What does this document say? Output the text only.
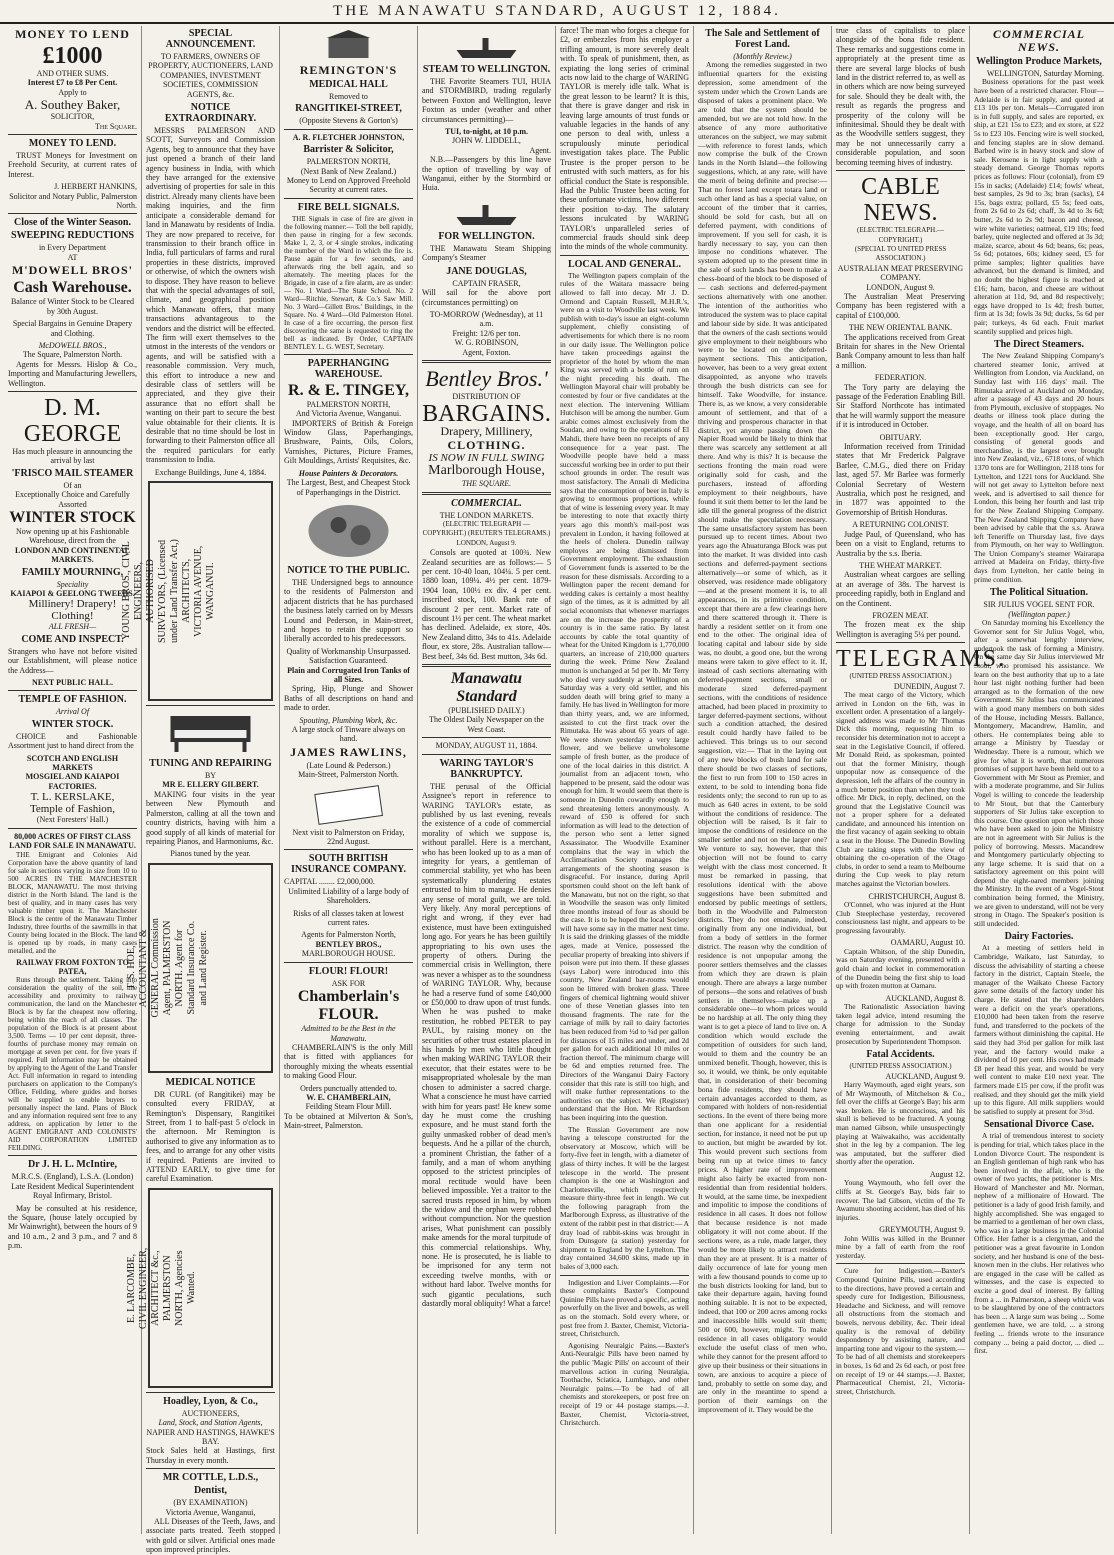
THE MANAWATU STANDARD, AUGUST 12, 1884.
MONEY TO LEND
£1000
AND OTHER SUMS.
Interest £7 to £8 Per Cent.
Apply to
A. Southey Baker,
SOLICITOR,
The Square.
MONEY TO LEND.

TRUST Moneys for Investment on Freehold Security, at current rates of Interest.

J. HERBERT HANKINS,
Solicitor and Notary Public, Palmerston North.
Close of the Winter Season.
SWEEPING REDUCTIONS
in Every Department
AT
M'DOWELL BROS'
Cash Warehouse.

Balance of Winter Stock to be Cleared by 30th August.

Special Bargains in Genuine Drapery and Clothing.

McDOWELL BROS.,
The Square, Palmerston North.

Agents for Messrs. Hislop & Co., Importing and Manufacturing Jewellers, Wellington.

D. M. GEORGE
Has much pleasure in announcing the arrival by last
'FRISCO MAIL STEAMER
Of an
Exceptionally Choice and Carefully Assorted
WINTER STOCK
Now opening up at his Fashionable Warehouse, direct from the
LONDON AND CONTINENTAL MARKETS.
FAMILY MOURNING,
Speciality
KAIAPOI & GEELONG TWEEDS.
Millinery! Drapery! Clothing!
ALL FRESH—
COME AND INSPECT.

Strangers who have not before visited our Establishment, will please notice the Address—

NEXT PUBLIC HALL.
TEMPLE OF FASHION.
Arrival Of
WINTER STOCK.

CHOICE and Fashionable Assortment just to hand direct from the

SCOTCH AND ENGLISH MARKETS
MOSGIEL AND KAIAPOI FACTORIES.
T. L. KERSLAKE,
Temple of Fashion,
(Next Foresters' Hall.)
80,000 ACRES OF FIRST CLASS LAND FOR SALE IN MANAWATU.

THE Emigrant and Colonies Aid Corporation have the above quantity of land for sale in sections varying in size from 10 to 500 ACRES IN THE MANCHESTER BLOCK, MANAWATU. The most thriving district in the North Island. The land is the best of quality, and in many cases has very valuable timber upon it. The Manchester Block is the centre of the Manawatu Timber Industry, three fourths of the sawmills in that County being located in the Block. The land is opened up by roads, in many cases metalled, and the

RAILWAY FROM FOXTON TO PATEA,

Runs through the settlement. Taking into consideration the quality of the soil, the accessibility and proximity to railway communication, the land on the Manchester Block is by far the cheapest now offering, being within the reach of all classes. The population of the Block is at present about 3,500. Terms — 10 per cent deposit, three-fourths of purchase money may remain on mortgage at seven per cent. for five years if required. Full information may be obtained by applying to the Agent of the Land Transfer Act. Full information in regard to intending purchasers on application to the Company's Office, Feilding, where guides and horses will be supplied to enable buyers to personally inspect the land. Plans of Block and any information required sent free to any address, on application by letter to the AGENT EMIGRANT AND COLONISTS' AID CORPORATION LIMITED FEILDING.

Dr J. H. L. McIntire,
M.R.C.S. (England), L.S.A. (London)

Late Resident Medical Superintendent Royal Infirmary, Bristol.

May be consulted at his residence, the Square, (house lately occupied by Mr Wainwright), between the hours of 9 and 10 a.m., 2 and 3 p.m., and 7 and 8 p.m.

SPECIAL ANNOUNCEMENT.

TO FARMERS, OWNERS OF PROPERTY, AUCTIONEERS, LAND COMPANIES, INVESTMENT SOCIETIES, COMMISSION AGENTS, &c.

NOTICE EXTRAORDINARY.

MESSRS PALMERSON AND SCOTT, Surveyors and Commission Agents, beg to announce that they have just opened a branch of their land agency business in India, with which they have arranged for the extensive advertising of properties for sale in this district. Already many clients have been making inquiries, and the firm anticipate a considerable demand for land in Manawatu by residents of India. They are now prepared to receive, for transmission to their branch office in India, full particulars of farms and rural properties in these districts, improved or otherwise, of which the owners wish to dispose. They have reason to believe that with the special advantages of soil, climate, and geographical position which Manawatu offers, that many transactions advantageous to the vendors and the district will be effected. The firm will exert themselves to the utmost in the interests of the vendors or agents, and will be satisfied with a reasonable commission. Very much, this effort to introduce a new and desirable class of settlers will be appreciated, and they give their assurance that no effort shall be wanting on their part to secure the best value obtainable for their clients. It is desirable that no time should be lost in forwarding to their Palmerston office all the required particulars for early transmission to India.

Exchange Buildings, June 4, 1884.
YOUNG BROS., CIVIL ENGINEERS, AUTHORISED SURVEYORS, (Licensed under Land Transfer Act,) ARCHITECTS, VICTORIA AVENUE, WANGANUI.
TUNING AND REPAIRING
BY
MR E. ELLERY GILBERT.

MAKING four visits in the year between New Plymouth and Palmerston, calling at all the town and country districts, having with him a good supply of all kinds of material for repairing Pianos, and Harmoniums, &c.

Pianos tuned by the year.
T. S. HOE, ACCOUNTANT & GENERAL Commission Agent, PALMERSTON NORTH. Agent for Standard Insurance Co. and Land Register.
MEDICAL NOTICE

DR CURL (of Rangitikei) may be consulted every FRIDAY, at Remington's Dispensary, Rangitikei Street, from 1 to half-past 5 o'clock in the afternoon. Mr Remington is authorised to give any information as to fees, and to arrange for any other visits if required. Patients are invited to ATTEND EARLY, to give time for careful Examination.

E. LARCOMBE, CIVIL ENGINEER, ARCHITECT &c., PALMERSTON NORTH, Agencies Wanted.
Hoadley, Lyon, & Co.,
AUCTIONEERS,
Land, Stock, and Station Agents,
NAPIER AND HASTINGS, HAWKE'S BAY.

Stock Sales held at Hastings, first Thursday in every month.

MR COTTLE, L.D.S.,
Dentist,
(BY EXAMINATION)
Victoria Avenue, Wanganui,

ALL Diseases of the Teeth, Jaws, and associate parts treated. Teeth stopped with gold or silver. Artificial ones made upon improved principles.

REMINGTON'S
MEDICAL HALL
Removed to
RANGITIKEI-STREET,
(Opposite Stevens & Gorton's)
A. R. FLETCHER JOHNSTON,
Barrister & Solicitor,
PALMERSTON NORTH,
(Next Bank of New Zealand.)

Money to Lend on Approved Freehold Security at current rates.

FIRE BELL SIGNALS.

THE Signals in case of fire are given in the following manner:— Toll the bell rapidly, then pause in ringing for a few seconds. Make 1, 2, 3, or 4 single strokes, indicating the number of the Ward in which the fire is. Pause again for a few seconds, and afterwards ring the bell again, and so alternately. The meeting places for the Brigade, in case of a fire alarm, are as under:— No. 1 Ward—The State School. No. 2 Ward—Ritchie, Stewart, & Co.'s Saw Mill. No. 3 Ward—Gillett Bros.' Buildings, in the Square. No. 4 Ward—Old Palmerston Hotel. In case of a fire occurring, the person first discovering the same is requested to ring the bell as indicated. By Order, CAPTAIN BENTLEY. L. G. WEST, Secretary.

PAPERHANGING WAREHOUSE.
R. & E. TINGEY,
PALMERSTON NORTH,
And Victoria Avenue, Wanganui.

IMPORTERS of British & Foreign Window Glass, Paperhangings, Brushware, Paints, Oils, Colors, Varnishes, Pictures, Picture Frames, Gilt Mouldings, Artists' Requisites, &c.

House Painters & Decorators.

The Largest, Best, and Cheapest Stock of Paperhangings in the District.

NOTICE TO THE PUBLIC.

THE Undersigned begs to announce to the residents of Palmerston and adjacent districts that he has purchased the business lately carried on by Messrs Lound and Pederson, in Main-street, and hopes to retain the support so liberally accorded to his predecessors.

Quality of Workmanship Unsurpassed.
Satisfaction Guaranteed.
Plain and Corrugated Iron Tanks of all Sizes.

Spring, Hip, Plunge and Shower Baths of all descriptions on hand and made to order.

Spouting, Plumbing Work, &c.
A large stock of Tinware always on hand.
JAMES RAWLINS,
(Late Lound & Pederson.)
Main-Street, Palmerston North.

Next visit to Palmerston on Friday, 22nd August.

SOUTH BRITISH INSURANCE COMPANY.
CAPITAL ........ £2,000,000.

Unlimited Liability of a large body of Shareholders.

Risks of all classes taken at lowest current rates.

Agents for Palmerston North,
BENTLEY BROS.,
MARLBOROUGH HOUSE.
FLOUR! FLOUR!
ASK FOR
Chamberlain's
FLOUR.
Admitted to be the Best in the Manawatu.

CHAMBERLAIN'S is the only Mill that is fitted with appliances for thoroughly mixing the wheats essential to making Good Flour.

Orders punctually attended to.
W. E. CHAMBERLAIN,
Feilding Steam Flour Mill.

To be obtained at Milverton & Son's, Main-street, Palmerston.

STEAM TO WELLINGTON.

THE Favorite Steamers TUI, HUIA and STORMBIRD, trading regularly between Foxton and Wellington, leave Foxton as under (weather and other circumstances permitting)—

TUI, to-night, at 10 p.m.
JOHN W. LIDDELL,
Agent.

N.B.—Passengers by this line have the option of travelling by way of Wanganui, either by the Stormbird or Huia.

FOR WELLINGTON.

THE Manawatu Steam Shipping Company's Steamer

JANE DOUGLAS,
CAPTAIN FRASER,

Will sail for the above port (circumstances permitting) on

TO-MORROW (Wednesday), at 11 a.m.
Freight: 12/6 per ton.
W. G. ROBINSON,
Agent, Foxton.
Bentley Bros.'
DISTRIBUTION OF
BARGAINS.
Drapery, Millinery,
CLOTHING.
IS NOW IN FULL SWING
Marlborough House,
THE SQUARE.
COMMERCIAL.
THE LONDON MARKETS.
(ELECTRIC TELEGRAPH — COPYRIGHT.) (REUTER'S TELEGRAMS.) LONDON, August 9.

Consols are quoted at 100¾. New Zealand securities are as follows:— 5 per cent. 10-40 loan, 104¼. 5 per cent. 1880 loan, 109¼. 4½ per cent. 1879-1904 loan, 100½ ex div. 4 per cent. inscribed stock, 100. Bank rate of discount 2 per cent. Market rate of discount 1½ per cent. The wheat market has declined. Adelaide, ex store, 40s. New Zealand ditto, 34s to 41s. Adelaide flour, ex store, 28s. Australian tallow— Best beef, 34s 6d. Best mutton, 34s 6d.

Manawatu Standard
(PUBLISHED DAILY.)
The Oldest Daily Newspaper on the West Coast.
MONDAY, AUGUST 11, 1884.
WARING TAYLOR'S BANKRUPTCY.

THE perusal of the Official Assignee's report in reference to WARING TAYLOR's estate, as published by us last evening, reveals the existence of a code of commercial morality of which we suppose is, without parallel. Here is a merchant, who has been looked up to as a man of integrity for years, a gentleman of commercial stability, yet who has been systematically plundering estates entrusted to him to manage. He denies any sense of moral guilt, we are told. Very likely. Any moral perceptions of right and wrong, if they ever had existence, must have been extinguished long ago. For years he has been guiltily appropriating to his own uses the property of others. During the commercial crisis in Wellington, there was never a whisper as to the soundness of WARING TAYLOR. Why, because he had a reserve fund of some £40,000 or £50,000 to draw upon of trust funds. When he was pushed to make restitution, he robbed PETER to pay PAUL, by raising money on the securities of other trust estates placed in his hands by men who little thought when making WARING TAYLOR their executor, that their estates were to be misappropriated wholesale by the man chosen to administer a sacred charge. What a conscience he must have carried with him for years past! He knew some day he must come the crushing exposure, and he must stand forth the guilty unmasked robber of dead men's bequests. And he a pillar of the church, a prominent Christian, the father of a family, and a man of whom anything opposed to the strictest principles of moral rectitude would have been believed impossible. Yet a traitor to the sacred trusts reposed in him, by whom the widow and the orphan were robbed without compunction. Nor the question arises, What punishment can possibly make amends for the moral turpitude of this commercial relationships. Why, none. He is prosecuted, he is liable to be imprisoned for any term not exceeding twelve months, with or without hard labor. Twelve months for such gigantic peculations, such dastardly moral obliquity! What a farce!

farce! The man who forges a cheque for £2, or embezzles from his employer a trifling amount, is more severely dealt with. To speak of punishment, then, as expiating the long series of criminal acts now laid to the charge of WARING TAYLOR is merely idle talk. What is the great lesson to be learnt? It is this, that there is grave danger and risk in leaving large amounts of trust funds or valuable legacies in the hands of any one person to deal with, unless a scrupulously minute periodical investigation takes place. The Public Trustee is the proper person to be entrusted with such matters, as for his official conduct the State is responsible. Had the Public Trustee been acting for these unfortunate victims, how different their position to-day. The salutary lessons inculcated by WARING TAYLOR's unparalleled series of commercial frauds should sink deep into the minds of the whole community.

LOCAL AND GENERAL.

The Wellington papers complain of the rules of the Waitara massacre being allowed to fall into decay. Mr J. D. Ormond and Captain Russell, M.H.R.'s, were on a visit to Woodville last week. We publish with to-day's issue an eight-column supplement, chiefly consisting of advertisements for which there is no room in our daily issue. The Wellington police have taken proceedings against the proprietor of the hotel by whom the man King was served with a bottle of rum on the night preceding his death. The Wellington Mayoral chair will probably be contested by four or five candidates at the next election. The intervening William Hutchison will be among the number. Gum arabic comes almost exclusively from the Soudan, and owing to the operations of El Mahdi, there have been no receipts of any consequence for a year past. The Woodville people have held a mass successful working bee in order to put their school grounds in order. The result was most satisfactory. The Annali di Medicina says that the consumption of beer in Italy is growing to enormous proportions, while that of wine is lessening every year. It may be interesting to note that exactly thirty years ago this month's mail-post was prevalent in London, it having followed at the heels of cholera. Dunedin railway employes are being dismissed from Government employment. The exhaustion of Government funds is asserted to be the reason for these dismissals. According to a Wellington paper the recent demand for wedding cakes is certainly a most healthy sign of the times, as it is admitted by all social economists that whenever marriages are on the increase the prosperity of a country is in the same ratio. By latest accounts by cable the total quantity of wheat for the United Kingdom is 1,770,000 quarters, an increase of 210,000 quarters during the week. Prime New Zealand mutton is unchanged at 5d per lb. Mr Terry who died very suddenly at Wellington on Saturday was a very old settler, and his sudden death will bring grief to many a family. He has lived in Wellington for more than thirty years, and, we are informed, assisted to cut the first track over the Rimutaka. He was about 65 years of age. We were shown yesterday a very large flower, and we believe unwholesome sample of fresh butter, as the produce of one of the local dairies in this district. A journalist from an adjacent town, who happened to be present, said the odour was enough for him. It would seem that there is someone in Dunedin cowardly enough to send threatening letters anonymously. A reward of £50 is offered for such information as will lead to the detection of the person who sent a letter signed Assassinator. The Woodville Examiner complains that the way in which the Acclimatisation Society manages the arrangements of the shooting season is disgraceful. For instance, during April sportsmen could shoot on the left bank of the Manawatu, but not on the right, so that in Woodville the season was only limited three months instead of four as should be the case. It is to be hoped the local Society will have some say in the matter next time. It is said the drinking glasses of the middle ages, made at Venice, possessed the peculiar property of breaking into shivers if poison were put into them. If these glasses (says Labor) were introduced into this country, New Zealand bar-rooms would soon be littered with broken glass. Three fingers of chemical lightning would shiver one of these Venetian glasses into ten thousand fragments. The rate for the carriage of milk by rail to dairy factories has been reduced from ½d to ¼d per gallon for distances of 15 miles and under, and 2d per gallon for each additional 10 miles or fraction thereof. The minimum charge will be 6d and empties returned free. The Directors of the Wanganui Dairy Factory consider that this rate is still too high, and will make further representations to the authorities on the subject. We (Register) understand that the Hon. Mr Richardson has been inquiring into the question.

The Russian Government are now having a telescope constructed for the observatory at Moscow, which will be forty-five feet in length, with a diameter of glass of thirty inches. It will be the largest telescope in the world. The present champion is the one at Washington and Charlottesville, which respectively measure thirty-three feet in length. We cut the following paragraph from the Marlborough Express, as illustrative of the extent of the rabbit pest in that district:— A dray load of rabbit-skins was brought in from Dunsgore (a station) yesterday for shipment to England by the Lyttelton. The dray contained 34,600 skins, made up in bales of 3,000 each.

Indigestion and Liver Complaints.—For these complaints Baxter's Compound Quinine Pills have proved a specific, acting powerfully on the liver and bowels, as well as on the stomach. Sold every where, or post free from J. Baxter, Chemist, Victoria-street, Christchurch.

Agonising Neuralgic Pains.—Baxter's Anti-Neuralgic Pills have been named by the public 'Magic Pills' on account of their marvellous action in curing Neuralgia, Toothache, Sciatica, Lumbago, and other Neuralgic pains.—To be had of all chemists and storekeepers, or post free on receipt of 19 or 44 postage stamps.—J. Baxter, Chemist, Victoria-street, Christchurch.

The Sale and Settlement of Forest Land.
(Monthly Review.)

Among the remedies suggested in two influential quarters for the existing depression, some amendment of the system under which the Crown Lands are disposed of takes a prominent place. We are told that the system should be amended, but we are not told how. In the absence of any more authoritative utterances on the subject, we may submit—with reference to forest lands, which now comprise the bulk of the Crown lands in the North Island—the following suggestions, which, at any rate, will have the merit of being definite and precise:— That no forest land except totara land or such other land as has a special value, on account of the timber that it carries, should be sold for cash, but all on deferred payment, with conditions of improvement. If you sell for cash, it is hardly necessary to say, you can then impose no conditions whatever. The system adopted up to the present time in the sale of such lands has been to make a chess-board of the block to be disposed of — cash sections and deferred-payment sections alternatively with one another. The intention of the authorities who introduced the system was to place capital and labour side by side. It was anticipated that the owners of the cash sections would give employment to their neighbours who were to be located on the deferred-payment sections. This anticipation, however, has been to a very great extent disappointed, as anyone who travels through the bush districts can see for himself. Take Woodville, for instance. There is, as we know, a very considerable amount of settlement, and that of a thriving and prosperous character in that district, yet anyone passing down the Napier Road would be likely to think that there was scarcely any settlement at all there. And why is this? It is because the sections fronting the main road were originally sold for cash, and the purchasers, instead of affording employment to their neighbours, have found it suit them better to let the land be idle till the general progress of the district should make the speculation necessary. The same unsatisfactory system has been pursued up to recent times. About two years ago the Ahuaturanga Block was put into the market. It was divided into cash sections and deferred-payment sections alternatively—or some of which, as it observed, was residence made obligatory—and at the present moment it is, to all appearances, in its primitive condition, except that there are a few clearings here and there scattered through it. There is hardly a resident settler on it from one end to the other. The original idea of locating capital and labour side by side was, no doubt, a good one, but the wrong means were taken to give effect to it. If, instead of cash sections alternating with deferred-payment sections, small or moderate sized deferred-payment sections, with the conditions of residence attached, had been placed in proximity to larger deferred-payment sections, without such a condition attached, the desired result could hardly have failed to be achieved. This brings us to our second suggestion, viz:— That in the laying out of any new blocks of bush land for sale there should be two classes of sections, the first to run from 100 to 150 acres in extent, to be sold to intending bona fide residents only; the second to run up to as much as 640 acres in extent, to be sold without the conditions of residence. The objection will be raised, Is it fair to impose the conditions of residence on the smaller settler and not on the larger one? We venture to say, however, that this objection will not be found to carry weight with the class most concerned. It must be remarked in passing, that resolutions identical with the above suggestions have been submitted and endorsed by public meetings of settlers, both in the Woodville and Palmerston districts. They do not emanate, indeed, originally from any one individual, but from a body of settlers in the former district. The reason why the condition of residence is not unpopular among the poorer settlers themselves and the classes from which they are drawn is plain enough. There are always a large number of persons—the sons and relatives of bush settlers in themselves—make up a considerable one—to whom prices would be no hardship at all. The only thing they want is to get a piece of land to live on. A condition which would exclude the competition of outsiders for such land, would to them and the country be an unmixed benefit. Though, however, this is so, it would, we think, be only equitable that, in consideration of their becoming bona fide residents, they should have certain advantages accorded to them, as compared with holders of non-residential sections. In the event of there being more than one applicant for a residential section, for instance, it need not be put up to auction, but might be awarded by lot. This would prevent such sections from being run up at twice times to fancy prices. A higher rate of improvement might also fairly be exacted from non-residential than from residential holders. It would, at the same time, be inexpedient and impolitic to impose the conditions of residence in all cases. It does not follow that because residence is not made obligatory it will not come about. If the sections were, as a rule, made larger, they would be more likely to attract residents than they are at present. It is a matter of daily occurrence of late for young men with a few thousand pounds to come up to the bush districts looking for land, but to take their departure again, having found nothing suitable. It is not to be expected, indeed, that 100 or 200 acres among rocks and inaccessible hills would suit them; 500 or 600, however, might. To make residence in all cases obligatory would exclude the useful class of men who, while they cannot for the present afford to give up their business or their situations in town, are anxious to acquire a piece of land, probably to settle on some day, and are only in the meantime to spend a portion of their earnings on the improvement of it. They would be the

true class of capitalists to place alongside of the bona fide resident. These remarks and suggestions come in appropriately at the present time as there are several large blocks of bush land in the district referred to, as well as in others which are now being surveyed for sale. Should they be dealt with, the result as regards the progress and prosperity of the colony will be infinitesimal. Should they be dealt with as the Woodville settlers suggest, they may be not unnecessarily carry a considerable population, and soon becoming teeming hives of industry.

CABLE NEWS.
(ELECTRIC TELEGRAPH.—COPYRIGHT.)
(SPECIAL TO UNITED PRESS ASSOCIATION.)
AUSTRALIAN MEAT PRESERVING COMPANY.
LONDON, August 9.

The Australian Meat Preserving Company has been registered with a capital of £100,000.

THE NEW ORIENTAL BANK.

The applications received from Great Britain for shares in the New Oriental Bank Company amount to less than half a million.

FEDERATION.

The Tory party are delaying the passage of the Federation Enabling Bill. Sir Stafford Northcote has intimated that he will warmly support the measure if it is introduced in October.

OBITUARY.

Information received from Trinidad states that Mr Frederick Palgrave Barlee, C.M.G., died there on Friday last, aged 57. Mr Barlee was formerly Colonial Secretary of Western Australia, which post he resigned, and in 1877 was appointed to the Governorship of British Honduras.

A RETURNING COLONIST.

Judge Paul, of Queensland, who has been on a visit to England, returns to Australia by the s.s. Iberia.

THE WHEAT MARKET.

Australian wheat cargoes are selling at an average of 38s. The harvest is proceeding rapidly, both in England and on the Continent.

FROZEN MEAT.

The frozen meat ex the ship Wellington is averaging 5¼ per pound.

TELEGRAMS.
(UNITED PRESS ASSOCIATION.)
DUNEDIN, August 7.

The meat cargo of the Victory, which arrived in London on the 6th, was in excellent order. A presentation of a largely-signed address was made to Mr Thomas Dick this morning, requesting him to reconsider his determination not to accept a seat in the Legislative Council, if offered. Mr Donald Reid, as spokesman, pointed out that the former Ministry, though unpopular now as consequence of the depression, left the affairs of the country in a much better position than when they took office. Mr Dick, in reply, declined, on the ground that the Legislative Council was not a proper sphere for a defeated candidate, and announced his intention on the first vacancy of again seeking to obtain a seat in the House. The Dunedin Bowling Club are taking steps with the view of obtaining the co-operation of the Otago clubs, in order to send a team to Melbourne during the Cup week to play return matches against the Victorian bowlers.

CHRISTCHURCH, August 8.

O'Connel, who was injured at the Hunt Club Steeplechase yesterday, recovered consciousness last night, and appears to be progressing favourably.

OAMARU, August 10.

Captain Whitson, of the ship Dunedin, was on Saturday evening, presented with a gold chain and locket in commemoration of the Dunedin being the first ship to load up with frozen mutton at Oamaru.

AUCKLAND, August 8.

The Rationalistic Association having taken legal advice, intend resuming the charge for admission to the Sunday evening entertainment, and await prosecution by Superintendent Thompson.

Fatal Accidents.
(UNITED PRESS ASSOCIATION.)
AUCKLAND, August 9.

Harry Waymouth, aged eight years, son of Mr Waymouth, of Mitchelson & Co., fell over the cliffs at George's Bay; his arm was broken. He is unconscious, and his skull is believed to be fractured. A young man named Gibson, while unsuspectingly playing at Waiwakaiho, was accidentally shot in the leg by a companion. The leg was amputated, but the sufferer died shortly after the operation.

August 12.

Young Waymouth, who fell over the cliffs at St. George's Bay, bids fair to recover. The lad Gibson, victim of the Te Awamutu shooting accident, has died of his injuries.

GREYMOUTH, August 9.

John Willis was killed in the Brunner mine by a fall of earth from the roof yesterday.

Cure for Indigestion.—Baxter's Compound Quinine Pills, used according to the directions, have proved a certain and speedy cure for Indigestion, Biliousness, Headache and Sickness, and will remove all obstructions from the stomach and bowels, nervous debility, &c. Their ideal quality is the removal of debility despondency by assisting nature, and imparting tone and vigour to the system.—To be had of all chemists and storekeepers in boxes, 1s 6d and 2s 6d each, or post free on receipt of 19 or 44 stamps.—J. Baxter, Pharmaceutical Chemist, 21, Victoria-street, Christchurch.

COMMERCIAL NEWS.
Wellington Produce Markets,
WELLINGTON, Saturday Morning.

Business operations for the past week have been of a restricted character. Flour—Adelaide is in fair supply, and quoted at £13 10s per ton. Metals—Corrugated iron is in full supply, and sales are reported, ex ship, at £21 15s to £23; and ex store, at £22 5s to £23 10s. Fencing wire is well stocked, and fencing staples are in slow demand. Barbed wire is in heavy stock and slow of sale. Kerosene is in light supply with a steady demand. George Thomas reports prices as follows: Flour (colonial), from £9 15s in sacks; (Adelaide) £14; fowls' wheat, best samples, 2s 9d to 3s; bran (sacks), £4 15s, bags extra; pollard, £5 5s; feed oats, from 2s 6d to 2s 6d; chaff, 3s 4d to 3s 6d; butter, 2s 6d to 2s 9d; bacon and cheese, wire white varieties; oatmeal, £19 10s; feed barley, quite neglected and offered at 3s 3d; maize, scarce, about 4s 6d; beans, 6s; peas, 5s 6d; potatoes, 60s; kidney seed, £5 for prime samples; lighter qualities have advanced, but the demand is limited, and no doubt the highest figure is reached at £16; ham, bacon, and cheese are without alteration at 11d, 9d, and 8d respectively; eggs have dropped to 1s 4d; fresh butter, firm at 1s 3d; fowls 3s 9d; ducks, 5s 6d per pair; turkeys, 4s 6d each. Fruit market scantily supplied and prices high.

The Direct Steamers.

The New Zealand Shipping Company's chartered steamer Ionic, arrived at Wellington from London, via Auckland, on Sunday last with 116 days' mail. The Rimutaka arrived at Auckland on Monday, after a passage of 43 days and 20 hours from Plymouth, exclusive of stoppages. No deaths or illness took place during the voyage, and the health of all on board has been exceptionally good. Her cargo, consisting of general goods and merchandise, is the largest ever brought into New Zealand, viz., 6718 tons, of which 1370 tons are for Wellington, 2118 tons for Lyttelton, and 1221 tons for Auckland. She will not get away to Lyttelton before next week, and is advertised to sail thence for London, this being her fourth and last trip for the New Zealand Shipping Company. The New Zealand Shipping Company have been advised by cable that the s.s. Arawa left Teneriffe on Thursday last, five days from Plymouth, on her way to Wellington. The Union Company's steamer Wairarapa arrived at Madeira on Friday, thirty-five days from Lyttelton, her cattle being in prime condition.

The Political Situation.
SIR JULIUS VOGEL SENT FOR.
(Wellington paper.)

On Saturday morning his Excellency the Governor sent for Sir Julius Vogel, who, after a somewhat lengthy interview, undertook the task of forming a Ministry. On the same day Sir Julius interviewed Mr Stout, who promised his assistance. We learn on the best authority that up to a late hour last night nothing further had been arranged as to the formation of the new Government. Sir Julius has communicated with a good many members on both sides of the House, including Messrs. Ballance, Montgomery, Macandrew, Hamlin, and others. He contemplates being able to arrange a Ministry by Tuesday or Wednesday. There is a rumour, which we give for what it is worth, that numerous promises of support have been held out to a Government with Mr Stout as Premier, and with a moderate programme, and Sir Julius Vogel is willing to concede the leadership to Mr Stout, but that the Canterbury supporters of Sir Julius take exception to this course. One question upon which those who have been asked to join the Ministry are not in agreement with Sir Julius is the policy of borrowing. Messrs. Macandrew and Montgomery particularly objecting to any large scheme. It is said that on a satisfactory agreement on this point will depend the eight-oared members joining the Ministry. In the event of a Vogel-Stout combination being formed, the Ministry, we are given to understand, will not be very strong in Otago. The Speaker's position is still undecided.

Dairy Factories.

At a meeting of settlers held in Cambridge, Waikato, last Saturday, to discuss the advisability of starting a cheese factory in the district, Captain Steele, the manager of the Waikato Cheese Factory gave some details of the factory under his charge. He stated that the shareholders were a deficit on the year's operations, £10,000 had been taken from the reserve fund, and transferred to the pockets of the farmers without diminishing the capital. He said they had 3½d per gallon for milk last year, and the factory would make a dividend of 10 per cent. His cows had made £8 per head this year, and would be very well content to make £10 next year. The farmers made £15 per cow, if the profit was realised, and they should get the milk yield up to this figure. All milk suppliers would be satisfied to supply at present for 3½d.

Sensational Divorce Case.

A trial of tremendous interest to society is pending for trial, which takes place in the London Divorce Court. The respondent is an English gentleman of high rank who has been involved in the affair, who is the owner of two yachts, the petitioner is Mrs. Howard of Manchester and Mr. Norman, nephew of a millionaire of Howard. The petitioner is a lady of good Irish family, and highly accomplished. She was engaged to be married to a gentleman of her own class, who was in a large business in the Colonial Office. Her father is a clergyman, and the petitioner was a great favourite in London society, and her husband is one of the best-known men in the clubs. Her relatives who are engaged in the case will be called as witnesses, and the case is expected to excite a good deal of interest. By falling from a ... in Palmerston, a sheep which was to be slaughtered by one of the contractors has been ... A large sum was being ... Some gentlemen have, we are told, ... a strong feeling ... friends wrote to the insurance company ... being a paid doctor, ... died ... first.
